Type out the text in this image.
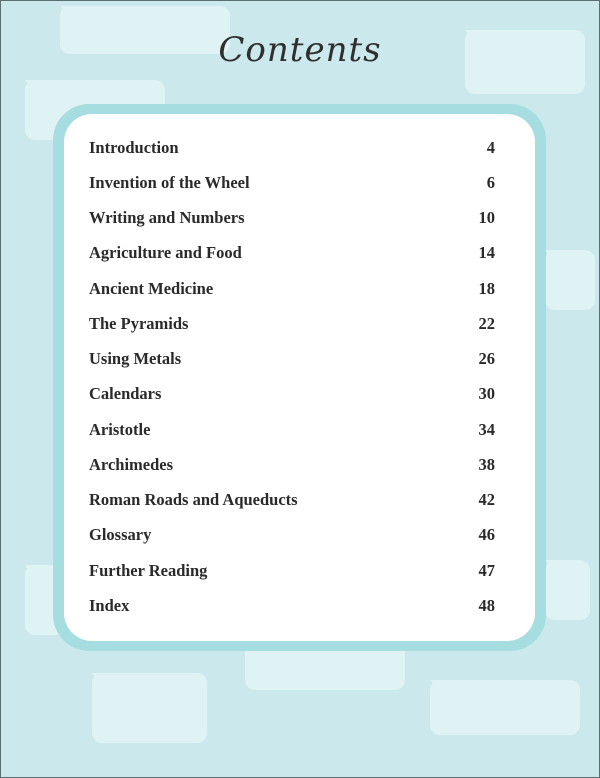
Contents
Introduction	4
Invention of the Wheel	6
Writing and Numbers	10
Agriculture and Food	14
Ancient Medicine	18
The Pyramids	22
Using Metals	26
Calendars	30
Aristotle	34
Archimedes	38
Roman Roads and Aqueducts	42
Glossary	46
Further Reading	47
Index	48
